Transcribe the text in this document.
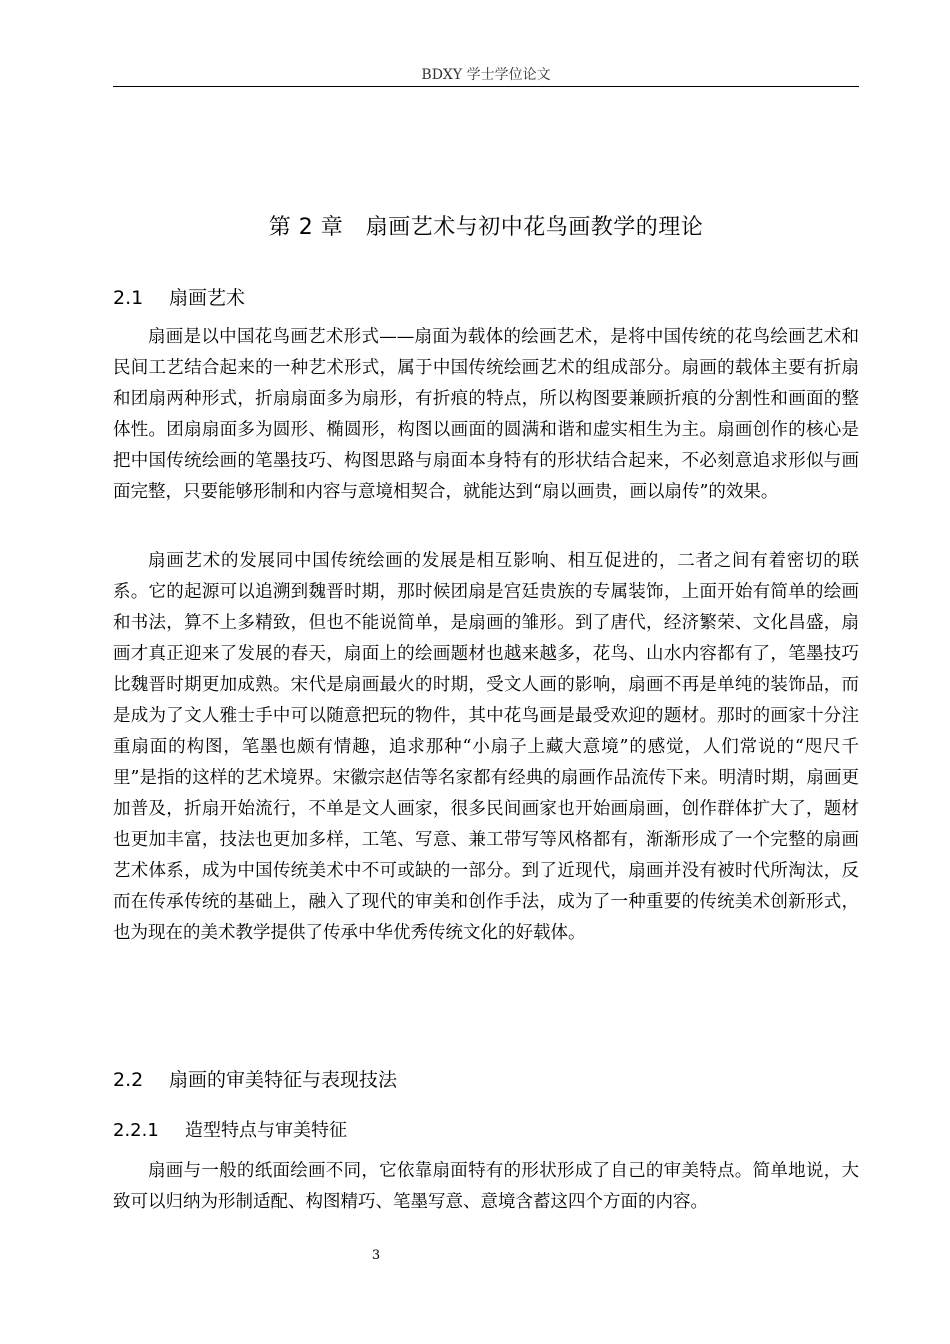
BDXY 学士学位论文
第 2 章　扇画艺术与初中花鸟画教学的理论
2.1 扇画艺术

扇画是以中国花鸟画艺术形式——扇面为载体的绘画艺术，是将中国传统的花鸟绘画艺术和民间工艺结合起来的一种艺术形式，属于中国传统绘画艺术的组成部分。扇画的载体主要有折扇和团扇两种形式，折扇扇面多为扇形，有折痕的特点，所以构图要兼顾折痕的分割性和画面的整体性。团扇扇面多为圆形、椭圆形，构图以画面的圆满和谐和虚实相生为主。扇画创作的核心是把中国传统绘画的笔墨技巧、构图思路与扇面本身特有的形状结合起来，不必刻意追求形似与画面完整，只要能够形制和内容与意境相契合，就能达到“扇以画贵，画以扇传”的效果。

扇画艺术的发展同中国传统绘画的发展是相互影响、相互促进的，二者之间有着密切的联系。它的起源可以追溯到魏晋时期，那时候团扇是宫廷贵族的专属装饰，上面开始有简单的绘画和书法，算不上多精致，但也不能说简单，是扇画的雏形。到了唐代，经济繁荣、文化昌盛，扇画才真正迎来了发展的春天，扇面上的绘画题材也越来越多，花鸟、山水内容都有了，笔墨技巧比魏晋时期更加成熟。宋代是扇画最火的时期，受文人画的影响，扇画不再是单纯的装饰品，而是成为了文人雅士手中可以随意把玩的物件，其中花鸟画是最受欢迎的题材。那时的画家十分注重扇面的构图，笔墨也颇有情趣，追求那种“小扇子上藏大意境”的感觉，人们常说的“咫尺千里”是指的这样的艺术境界。宋徽宗赵佶等名家都有经典的扇画作品流传下来。明清时期，扇画更加普及，折扇开始流行，不单是文人画家，很多民间画家也开始画扇画，创作群体扩大了，题材也更加丰富，技法也更加多样，工笔、写意、兼工带写等风格都有，渐渐形成了一个完整的扇画艺术体系，成为中国传统美术中不可或缺的一部分。到了近现代，扇画并没有被时代所淘汰，反而在传承传统的基础上，融入了现代的审美和创作手法，成为了一种重要的传统美术创新形式，也为现在的美术教学提供了传承中华优秀传统文化的好载体。

2.2 扇画的审美特征与表现技法
2.2.1 造型特点与审美特征

扇画与一般的纸面绘画不同，它依靠扇面特有的形状形成了自己的审美特点。简单地说，大致可以归纳为形制适配、构图精巧、笔墨写意、意境含蓄这四个方面的内容。

3
